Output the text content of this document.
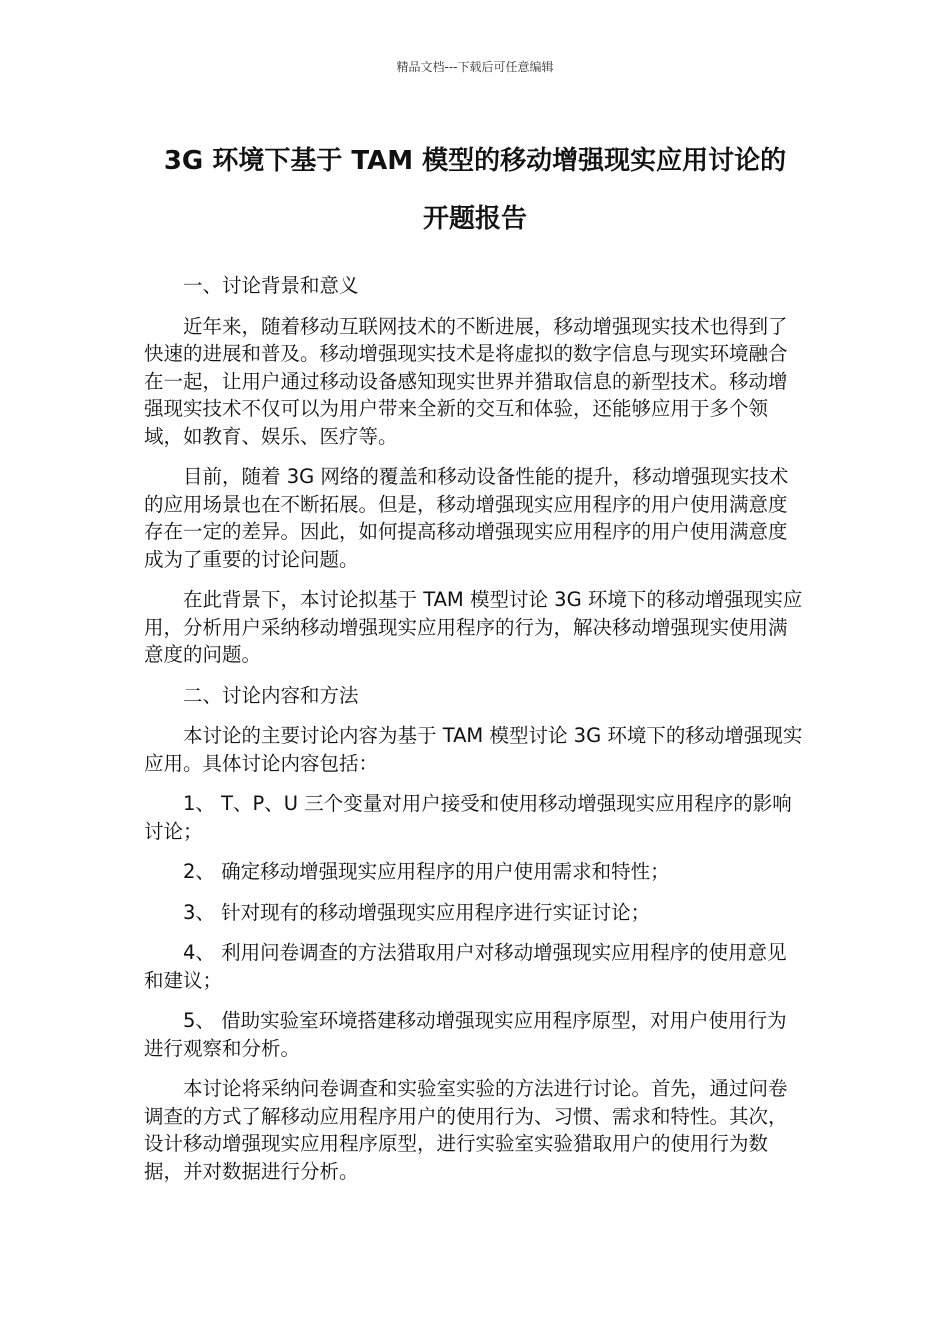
精品文档---下载后可任意编辑
3G 环境下基于 TAM 模型的移动增强现实应用讨论的
开题报告

一、讨论背景和意义

近年来，随着移动互联网技术的不断进展，移动增强现实技术也得到了快速的进展和普及。移动增强现实技术是将虚拟的数字信息与现实环境融合在一起，让用户通过移动设备感知现实世界并猎取信息的新型技术。移动增强现实技术不仅可以为用户带来全新的交互和体验，还能够应用于多个领域，如教育、娱乐、医疗等。

目前，随着 3G 网络的覆盖和移动设备性能的提升，移动增强现实技术的应用场景也在不断拓展。但是，移动增强现实应用程序的用户使用满意度存在一定的差异。因此，如何提高移动增强现实应用程序的用户使用满意度成为了重要的讨论问题。

在此背景下，本讨论拟基于 TAM 模型讨论 3G 环境下的移动增强现实应用，分析用户采纳移动增强现实应用程序的行为，解决移动增强现实使用满意度的问题。

二、讨论内容和方法

本讨论的主要讨论内容为基于 TAM 模型讨论 3G 环境下的移动增强现实应用。具体讨论内容包括：

1、 T、P、U 三个变量对用户接受和使用移动增强现实应用程序的影响讨论；

2、 确定移动增强现实应用程序的用户使用需求和特性；

3、 针对现有的移动增强现实应用程序进行实证讨论；

4、 利用问卷调查的方法猎取用户对移动增强现实应用程序的使用意见和建议；

5、 借助实验室环境搭建移动增强现实应用程序原型，对用户使用行为进行观察和分析。

本讨论将采纳问卷调查和实验室实验的方法进行讨论。首先，通过问卷调查的方式了解移动应用程序用户的使用行为、习惯、需求和特性。其次，设计移动增强现实应用程序原型，进行实验室实验猎取用户的使用行为数据，并对数据进行分析。
